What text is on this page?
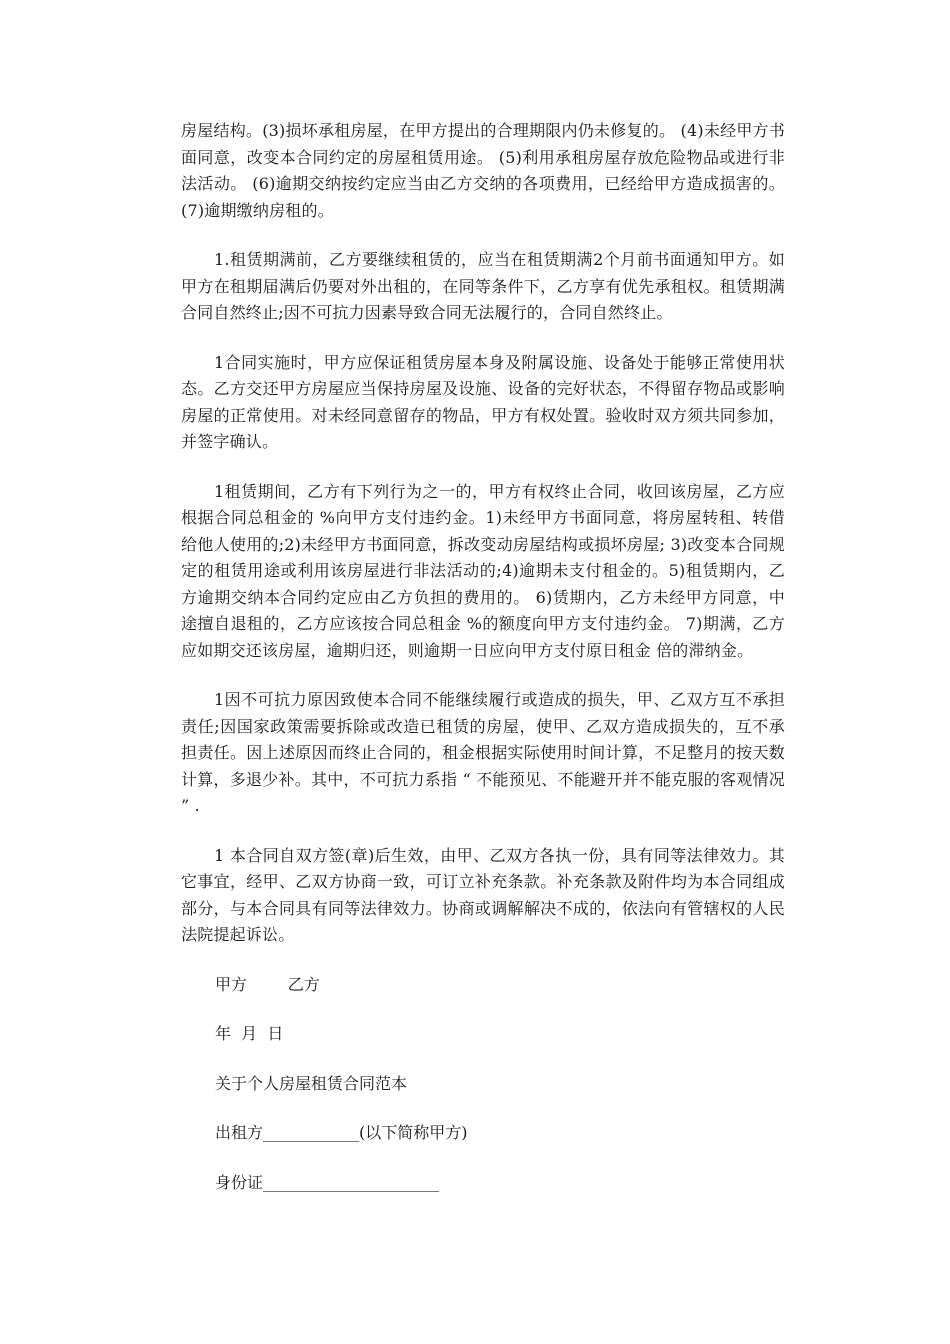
房屋结构。(3)损坏承租房屋，在甲方提出的合理期限内仍未修复的。 (4)未经甲方书面同意，改变本合同约定的房屋租赁用途。 (5)利用承租房屋存放危险物品或进行非法活动。 (6)逾期交纳按约定应当由乙方交纳的各项费用，已经给甲方造成损害的。 (7)逾期缴纳房租的。

1.租赁期满前，乙方要继续租赁的，应当在租赁期满2个月前书面通知甲方。如甲方在租期届满后仍要对外出租的，在同等条件下，乙方享有优先承租权。租赁期满合同自然终止;因不可抗力因素导致合同无法履行的，合同自然终止。

1合同实施时，甲方应保证租赁房屋本身及附属设施、设备处于能够正常使用状态。乙方交还甲方房屋应当保持房屋及设施、设备的完好状态，不得留存物品或影响房屋的正常使用。对未经同意留存的物品，甲方有权处置。验收时双方须共同参加，并签字确认。

1租赁期间，乙方有下列行为之一的，甲方有权终止合同，收回该房屋，乙方应根据合同总租金的 %向甲方支付违约金。1)未经甲方书面同意，将房屋转租、转借给他人使用的;2)未经甲方书面同意，拆改变动房屋结构或损坏房屋; 3)改变本合同规定的租赁用途或利用该房屋进行非法活动的;4)逾期未支付租金的。5)租赁期内，乙方逾期交纳本合同约定应由乙方负担的费用的。 6)赁期内，乙方未经甲方同意，中途擅自退租的，乙方应该按合同总租金 %的额度向甲方支付违约金。 7)期满，乙方应如期交还该房屋，逾期归还，则逾期一日应向甲方支付原日租金 倍的滞纳金。

1因不可抗力原因致使本合同不能继续履行或造成的损失，甲、乙双方互不承担责任;因国家政策需要拆除或改造已租赁的房屋，使甲、乙双方造成损失的，互不承担责任。因上述原因而终止合同的，租金根据实际使用时间计算，不足整月的按天数计算，多退少补。其中，不可抗力系指 “ 不能预见、不能避开并不能克服的客观情况 ” .

1 本合同自双方签(章)后生效，由甲、乙双方各执一份，具有同等法律效力。其它事宜，经甲、乙双方协商一致，可订立补充条款。补充条款及附件均为本合同组成部分，与本合同具有同等法律效力。协商或调解解决不成的，依法向有管辖权的人民法院提起诉讼。

甲方        乙方
年  月  日
关于个人房屋租赁合同范本
出租方____________(以下简称甲方)
身份证______________________
